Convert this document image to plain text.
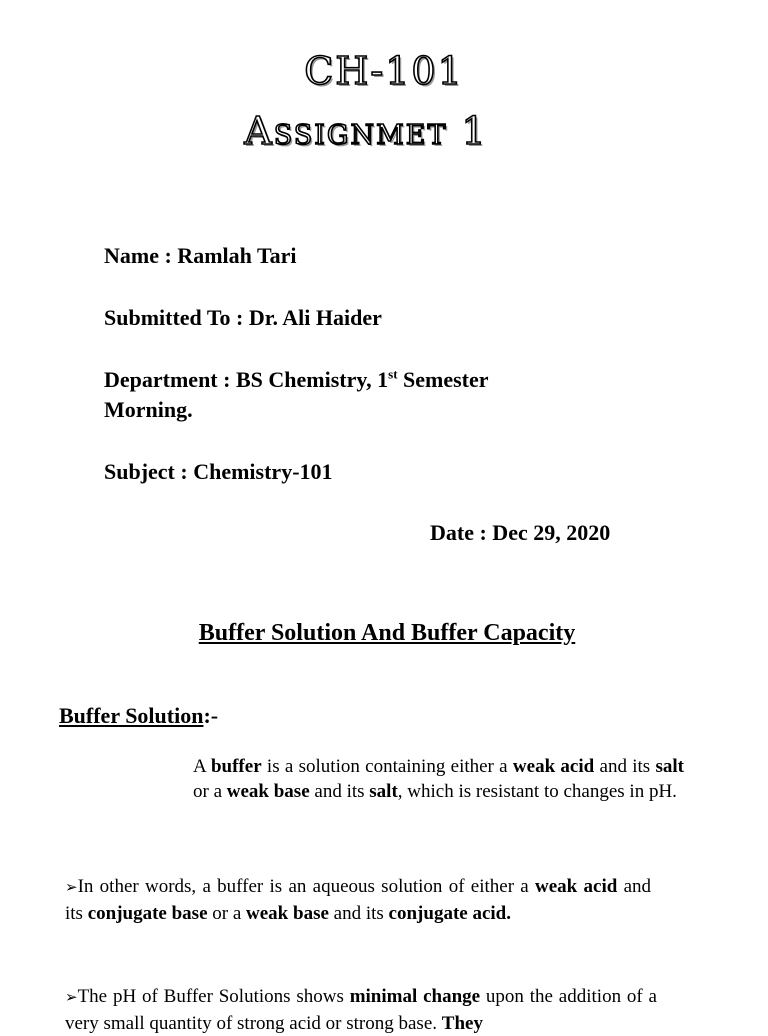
CH-101
Assignmet 1
Name : Ramlah Tari
Submitted To : Dr. Ali Haider
Department : BS Chemistry, 1st Semester
Morning.
Subject : Chemistry-101
Date : Dec 29, 2020
Buffer Solution And Buffer Capacity
Buffer Solution:-
A buffer is a solution containing either a weak acid and its salt or a weak base and its salt, which is resistant to changes in pH.
➢In other words, a buffer is an aqueous solution of either a weak acid and its conjugate base or a weak base and its conjugate acid.
➢The pH of Buffer Solutions shows minimal change upon the addition of a very small quantity of strong acid or strong base. They
